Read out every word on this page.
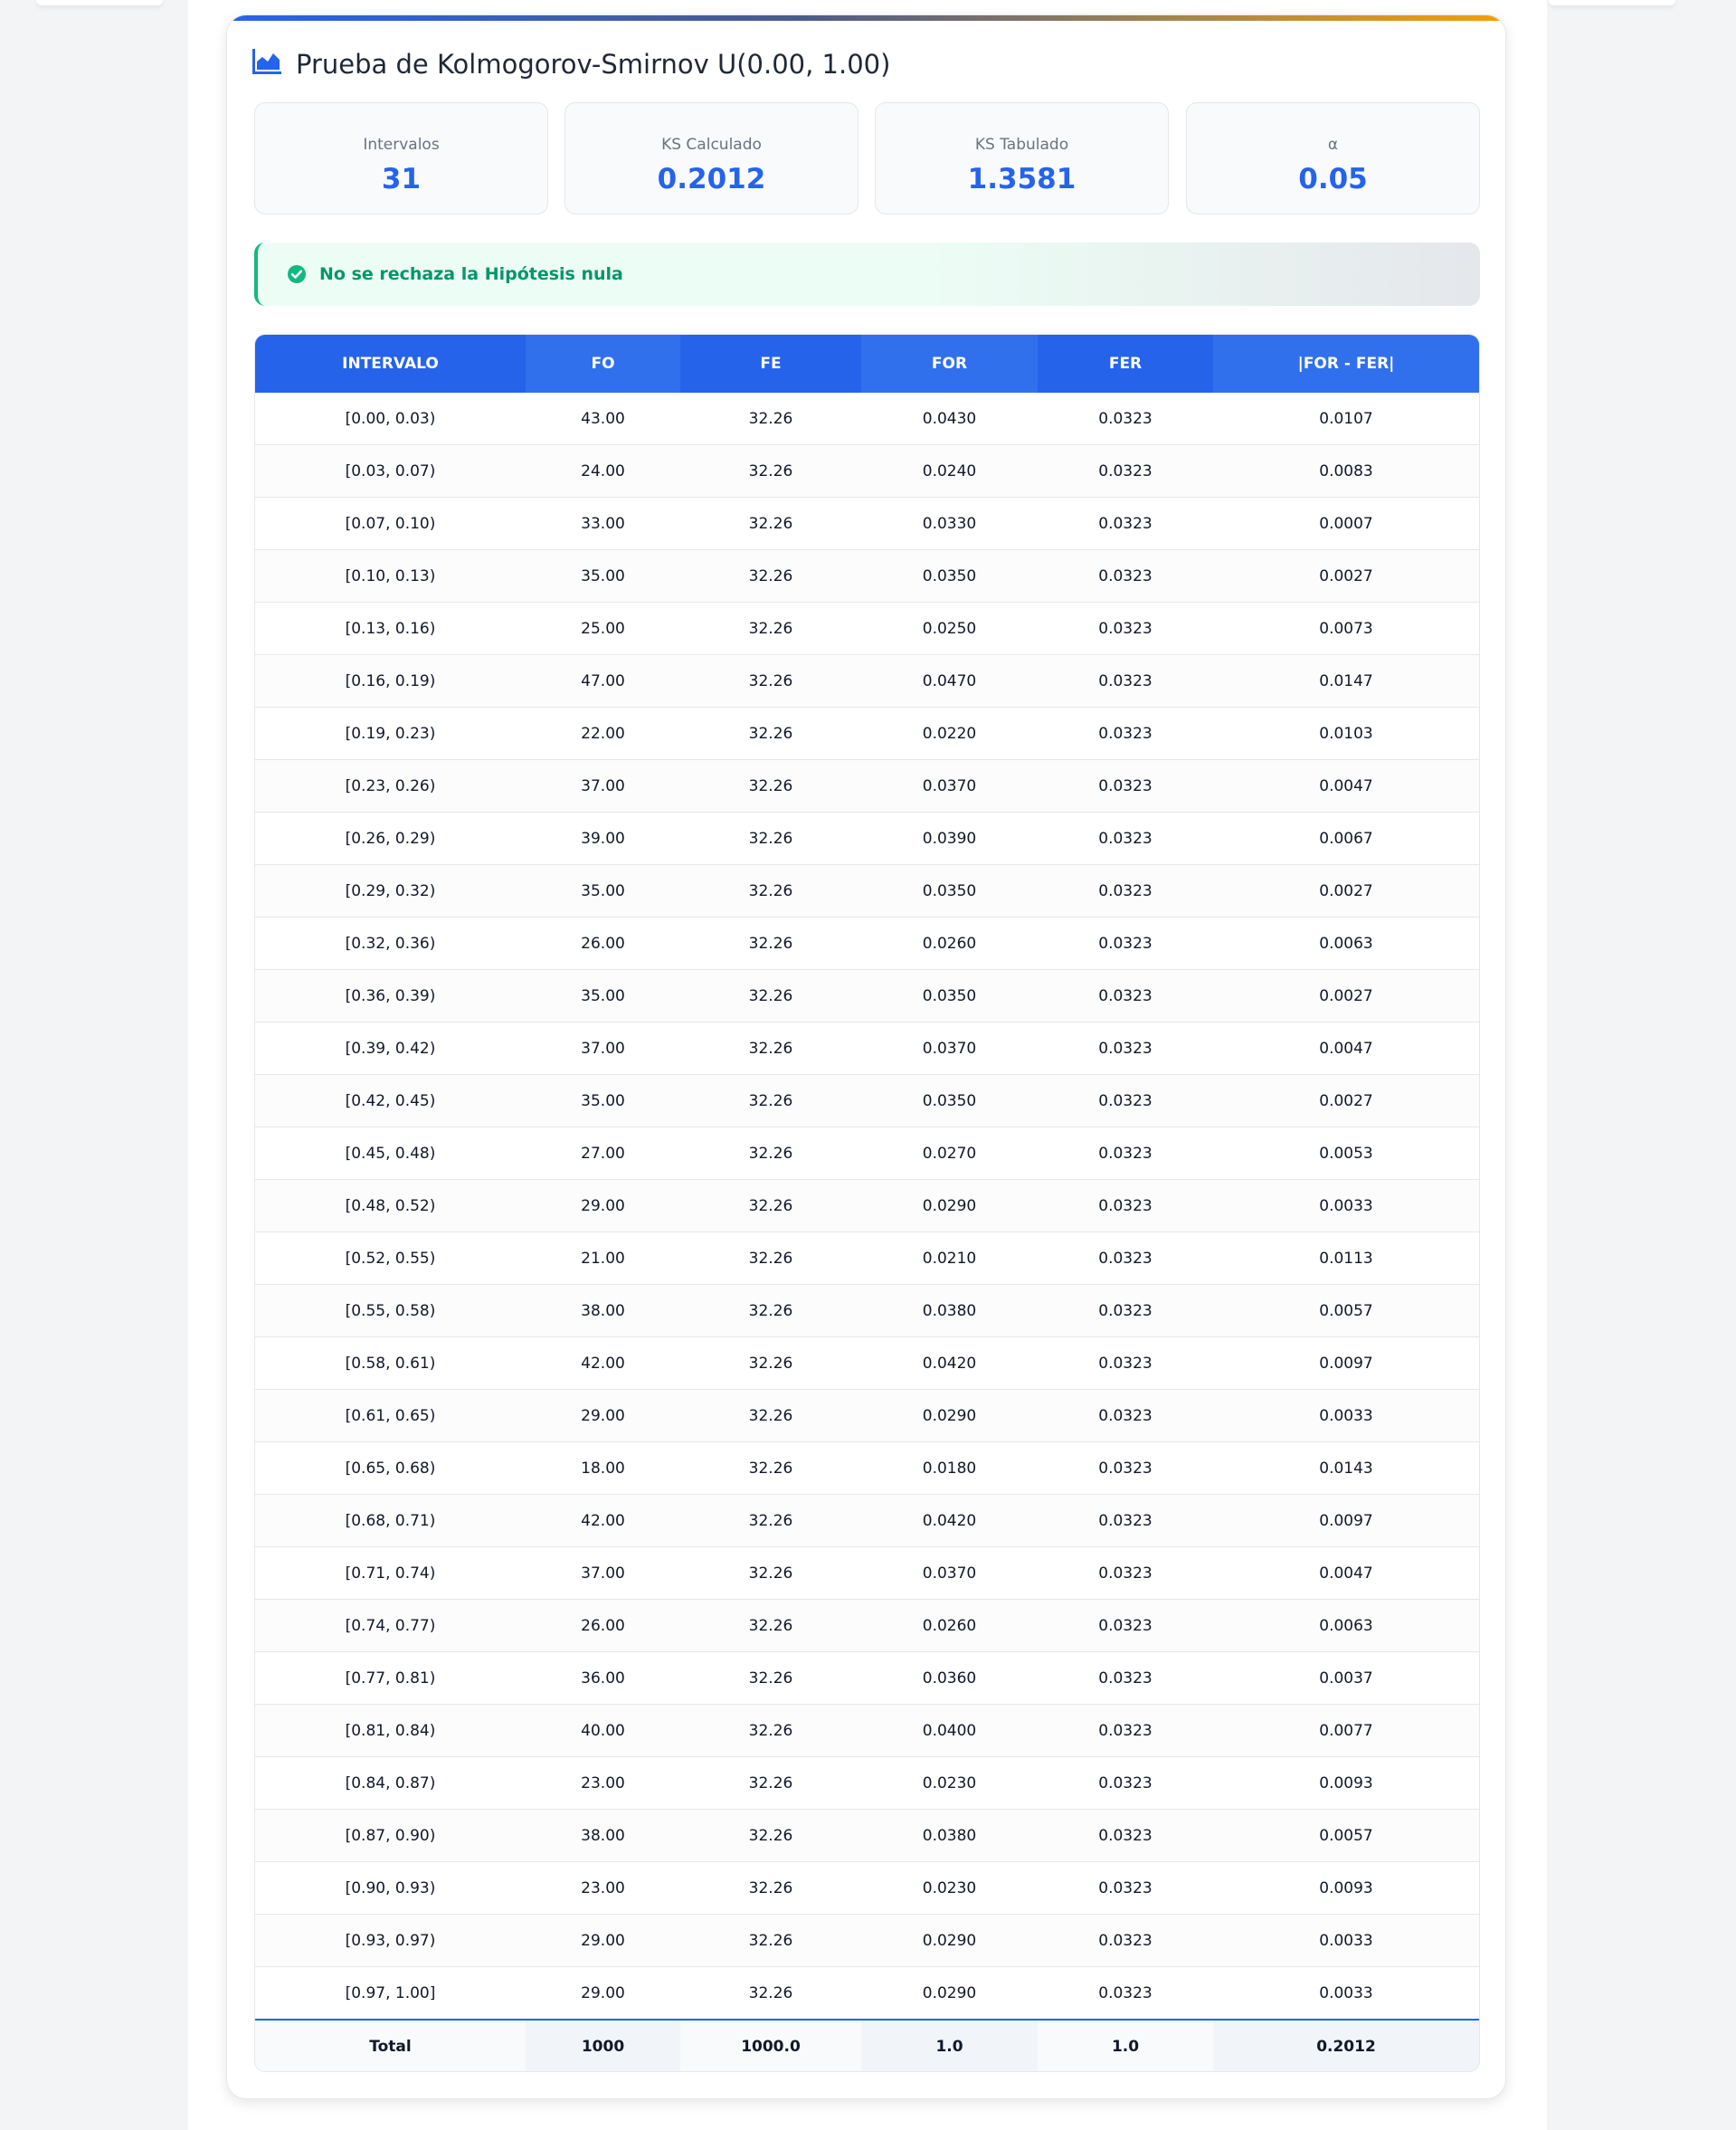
Prueba de Kolmogorov-Smirnov U(0.00, 1.00)
Intervalos
31
KS Calculado
0.2012
KS Tabulado
1.3581
α
0.05
No se rechaza la Hipótesis nula
INTERVALO	FO	FE	FOR	FER	|FOR - FER|
[0.00, 0.03)	43.00	32.26	0.0430	0.0323	0.0107
[0.03, 0.07)	24.00	32.26	0.0240	0.0323	0.0083
[0.07, 0.10)	33.00	32.26	0.0330	0.0323	0.0007
[0.10, 0.13)	35.00	32.26	0.0350	0.0323	0.0027
[0.13, 0.16)	25.00	32.26	0.0250	0.0323	0.0073
[0.16, 0.19)	47.00	32.26	0.0470	0.0323	0.0147
[0.19, 0.23)	22.00	32.26	0.0220	0.0323	0.0103
[0.23, 0.26)	37.00	32.26	0.0370	0.0323	0.0047
[0.26, 0.29)	39.00	32.26	0.0390	0.0323	0.0067
[0.29, 0.32)	35.00	32.26	0.0350	0.0323	0.0027
[0.32, 0.36)	26.00	32.26	0.0260	0.0323	0.0063
[0.36, 0.39)	35.00	32.26	0.0350	0.0323	0.0027
[0.39, 0.42)	37.00	32.26	0.0370	0.0323	0.0047
[0.42, 0.45)	35.00	32.26	0.0350	0.0323	0.0027
[0.45, 0.48)	27.00	32.26	0.0270	0.0323	0.0053
[0.48, 0.52)	29.00	32.26	0.0290	0.0323	0.0033
[0.52, 0.55)	21.00	32.26	0.0210	0.0323	0.0113
[0.55, 0.58)	38.00	32.26	0.0380	0.0323	0.0057
[0.58, 0.61)	42.00	32.26	0.0420	0.0323	0.0097
[0.61, 0.65)	29.00	32.26	0.0290	0.0323	0.0033
[0.65, 0.68)	18.00	32.26	0.0180	0.0323	0.0143
[0.68, 0.71)	42.00	32.26	0.0420	0.0323	0.0097
[0.71, 0.74)	37.00	32.26	0.0370	0.0323	0.0047
[0.74, 0.77)	26.00	32.26	0.0260	0.0323	0.0063
[0.77, 0.81)	36.00	32.26	0.0360	0.0323	0.0037
[0.81, 0.84)	40.00	32.26	0.0400	0.0323	0.0077
[0.84, 0.87)	23.00	32.26	0.0230	0.0323	0.0093
[0.87, 0.90)	38.00	32.26	0.0380	0.0323	0.0057
[0.90, 0.93)	23.00	32.26	0.0230	0.0323	0.0093
[0.93, 0.97)	29.00	32.26	0.0290	0.0323	0.0033
[0.97, 1.00]	29.00	32.26	0.0290	0.0323	0.0033
Total	1000	1000.0	1.0	1.0	0.2012
